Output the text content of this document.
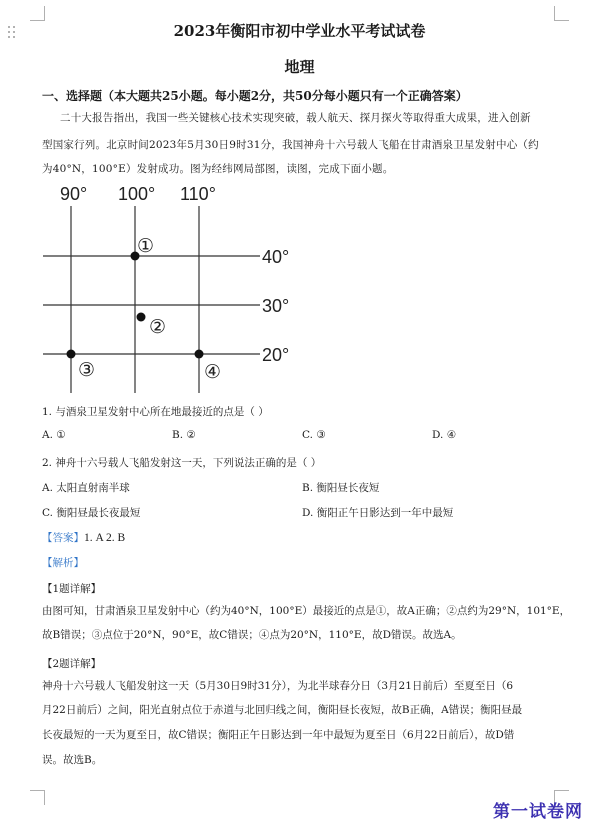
2023年衡阳市初中学业水平考试试卷
地理
一、选择题（本大题共25小题。每小题2分，共50分每小题只有一个正确答案）
二十大报告指出，我国一些关键核心技术实现突破，载人航天、探月探火等取得重大成果，进入创新
型国家行列。北京时间2023年5月30日9时31分，我国神舟十六号载人飞船在甘肃酒泉卫星发射中心（约
为40°N，100°E）发射成功。图为经纬网局部图，读图，完成下面小题。
90° 100° 110°
40°
30°
20°
①
②
③	④
1. 与酒泉卫星发射中心所在地最接近的点是（ ）
A. ①	B. ②	C. ③	D. ④
2. 神舟十六号载人飞船发射这一天，下列说法正确的是（ ）
A. 太阳直射南半球	B. 衡阳昼长夜短
C. 衡阳昼最长夜最短	D. 衡阳正午日影达到一年中最短
【答案】1. A 2. B
【解析】
【1题详解】
由图可知，甘肃酒泉卫星发射中心（约为40°N，100°E）最接近的点是①，故A正确；②点约为29°N，101°E，
故B错误；③点位于20°N，90°E，故C错误；④点为20°N，110°E，故D错误。故选A。
【2题详解】
神舟十六号载人飞船发射这一天（5月30日9时31分），为北半球春分日（3月21日前后）至夏至日（6
月22日前后）之间，阳光直射点位于赤道与北回归线之间，衡阳昼长夜短，故B正确，A错误；衡阳昼最
长夜最短的一天为夏至日，故C错误；衡阳正午日影达到一年中最短为夏至日（6月22日前后），故D错
误。故选B。
第一试卷网
